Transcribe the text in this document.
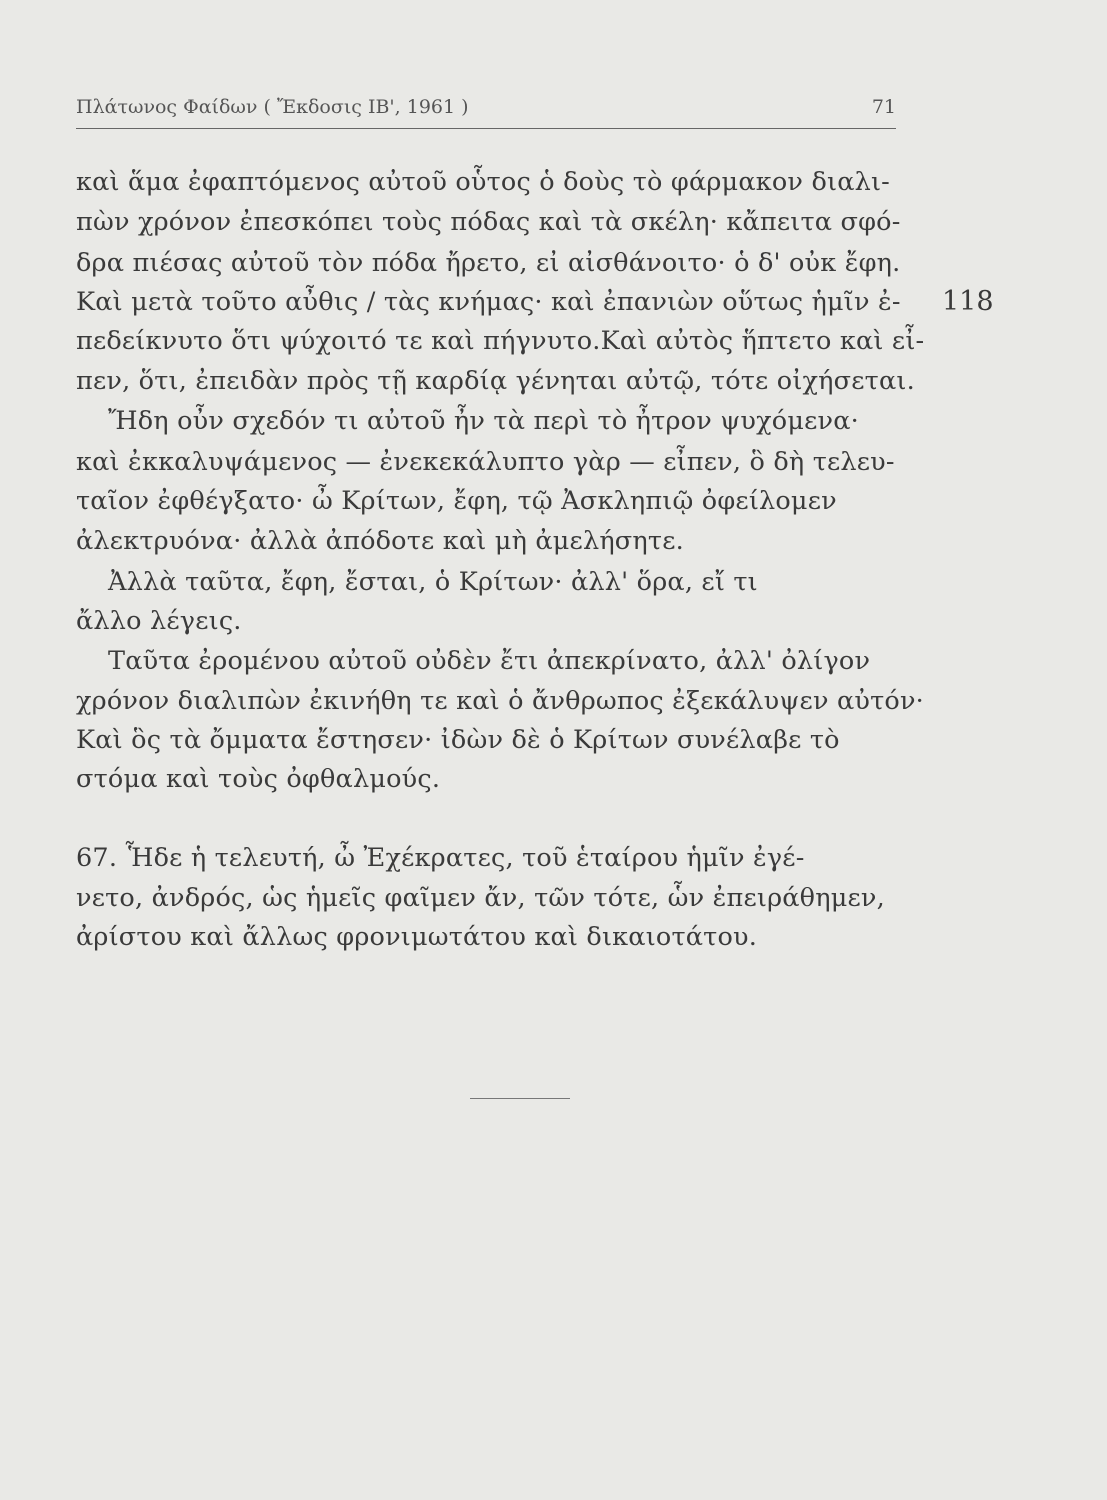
Πλάτωνος Φαίδων ( Ἔκδοσις ΙΒ', 1961 )	71
118
καὶ ἅμα ἐφαπτόμενος αὐτοῦ οὗτος ὁ δοὺς τὸ φάρμακον διαλι-
πὼν χρόνον ἐπεσκόπει τοὺς πόδας καὶ τὰ σκέλη· κἄπειτα σφό-
δρα πιέσας αὐτοῦ τὸν πόδα ἤρετο, εἰ αἰσθάνοιτο· ὁ δ' οὐκ ἔφη.
Καὶ μετὰ τοῦτο αὖθις / τὰς κνήμας· καὶ ἐπανιὼν οὕτως ἡμῖν ἐ-
πεδείκνυτο ὅτι ψύχοιτό τε καὶ πήγνυτο.Καὶ αὐτὸς ἥπτετο καὶ εἶ-
πεν, ὅτι, ἐπειδὰν πρὸς τῇ καρδίᾳ γένηται αὐτῷ, τότε οἰχήσεται.
Ἤδη οὖν σχεδόν τι αὐτοῦ ἦν τὰ περὶ τὸ ἦτρον ψυχόμενα·
καὶ ἐκκαλυψάμενος — ἐνεκεκάλυπτο γὰρ — εἶπεν, ὃ δὴ τελευ-
ταῖον ἐφθέγξατο· ὦ Κρίτων, ἔφη, τῷ Ἀσκληπιῷ ὀφείλομεν
ἀλεκτρυόνα· ἀλλὰ ἀπόδοτε καὶ μὴ ἀμελήσητε.
Ἀλλὰ ταῦτα, ἔφη, ἔσται, ὁ Κρίτων· ἀλλ' ὅρα, εἴ τι
ἄλλο λέγεις.
Ταῦτα ἐρομένου αὐτοῦ οὐδὲν ἔτι ἀπεκρίνατο, ἀλλ' ὀλίγον
χρόνον διαλιπὼν ἐκινήθη τε καὶ ὁ ἄνθρωπος ἐξεκάλυψεν αὐτόν·
Καὶ ὃς τὰ ὄμματα ἔστησεν· ἰδὼν δὲ ὁ Κρίτων συνέλαβε τὸ
στόμα καὶ τοὺς ὀφθαλμούς.
67. Ἧδε ἡ τελευτή, ὦ Ἐχέκρατες, τοῦ ἑταίρου ἡμῖν ἐγέ-
νετο, ἀνδρός, ὡς ἡμεῖς φαῖμεν ἄν, τῶν τότε, ὧν ἐπειράθημεν,
ἀρίστου καὶ ἄλλως φρονιμωτάτου καὶ δικαιοτάτου.
